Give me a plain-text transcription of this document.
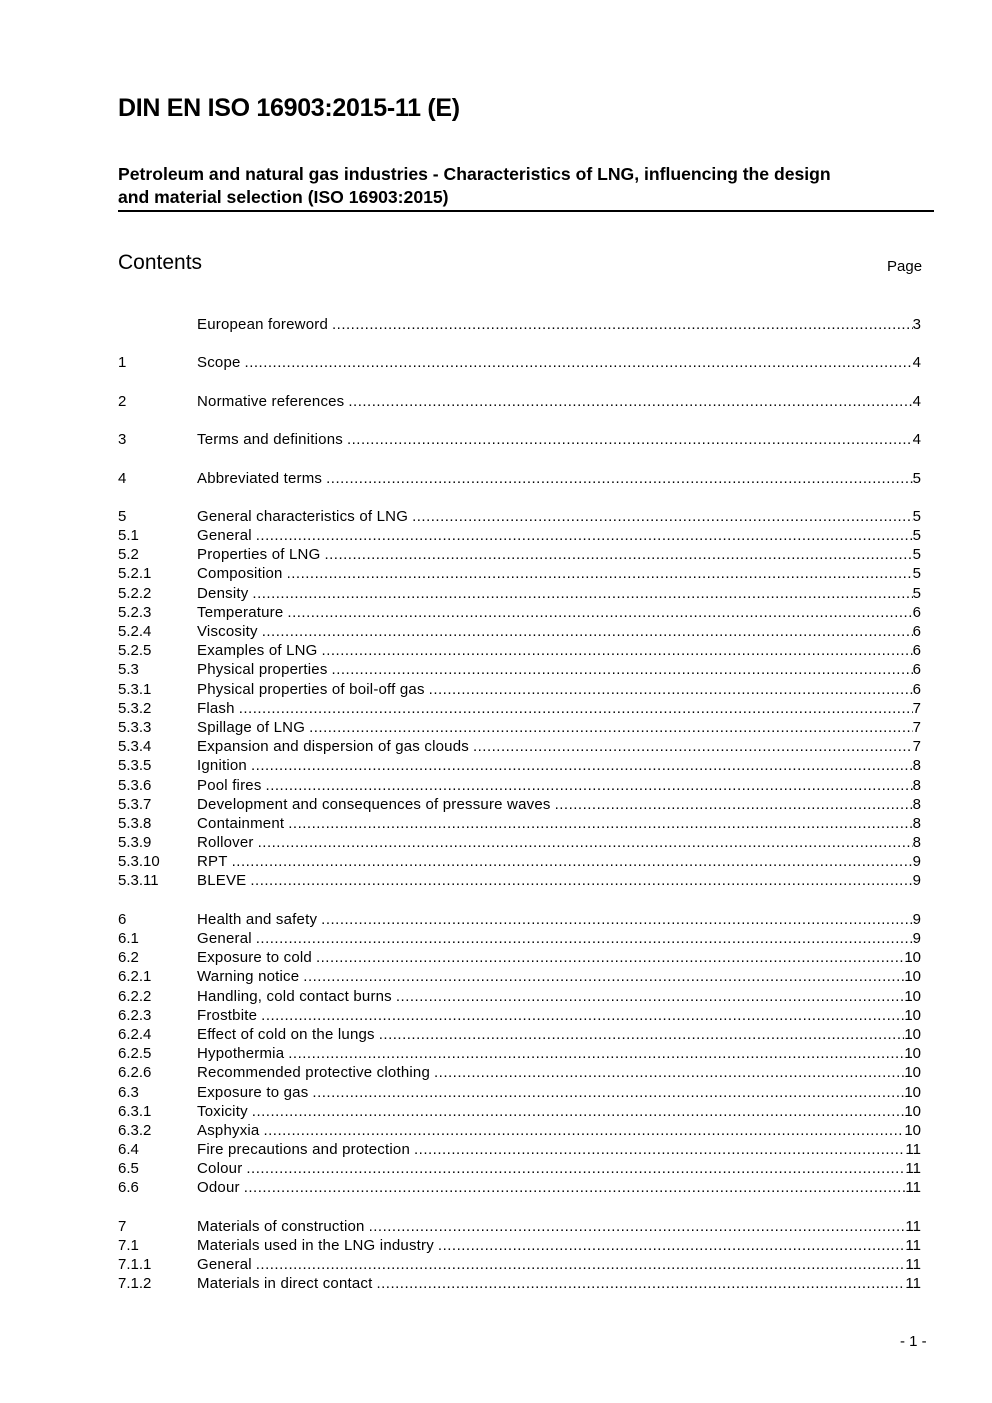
DIN EN ISO 16903:2015-11 (E)
Petroleum and natural gas industries - Characteristics of LNG, influencing the design
and material selection (ISO 16903:2015)
Contents	Page
European foreword .....	3
1	Scope .....	4
2	Normative references .....	4
3	Terms and definitions .....	4
4	Abbreviated terms .....	5
5	General characteristics of LNG .....	5
5.1	General .....	5
5.2	Properties of LNG .....	5
5.2.1	Composition .....	5
5.2.2	Density .....	5
5.2.3	Temperature .....	6
5.2.4	Viscosity .....	6
5.2.5	Examples of LNG .....	6
5.3	Physical properties .....	6
5.3.1	Physical properties of boil-off gas .....	6
5.3.2	Flash .....	7
5.3.3	Spillage of LNG .....	7
5.3.4	Expansion and dispersion of gas clouds .....	7
5.3.5	Ignition .....	8
5.3.6	Pool fires .....	8
5.3.7	Development and consequences of pressure waves .....	8
5.3.8	Containment .....	8
5.3.9	Rollover .....	8
5.3.10	RPT .....	9
5.3.11	BLEVE .....	9
6	Health and safety .....	9
6.1	General .....	9
6.2	Exposure to cold .....	10
6.2.1	Warning notice .....	10
6.2.2	Handling, cold contact burns .....	10
6.2.3	Frostbite .....	10
6.2.4	Effect of cold on the lungs .....	10
6.2.5	Hypothermia .....	10
6.2.6	Recommended protective clothing .....	10
6.3	Exposure to gas .....	10
6.3.1	Toxicity .....	10
6.3.2	Asphyxia .....	10
6.4	Fire precautions and protection .....	11
6.5	Colour .....	11
6.6	Odour .....	11
7	Materials of construction .....	11
7.1	Materials used in the LNG industry .....	11
7.1.1	General .....	11
7.1.2	Materials in direct contact .....	11
- 1 -
